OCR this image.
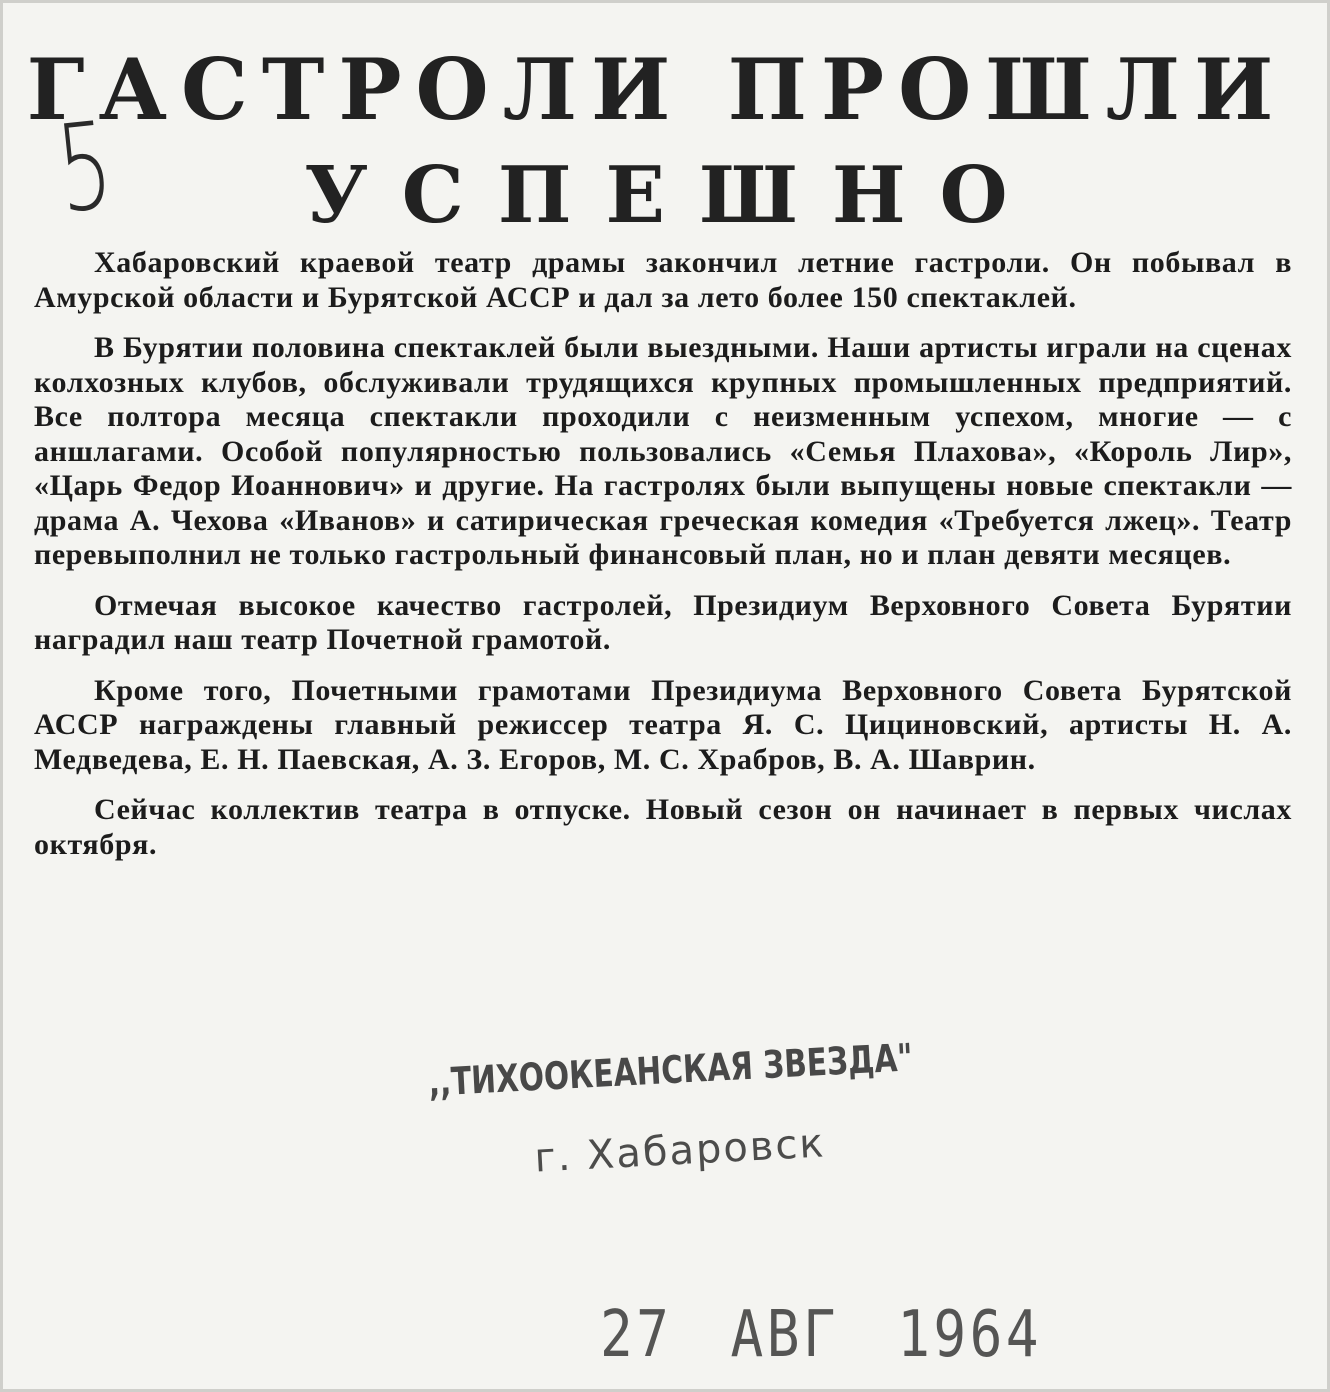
5
ГАСТРОЛИ ПРОШЛИ
УСПЕШНО

Хабаровский краевой театр драмы закончил летние гастроли. Он побывал в Амурской области и Бурятской АССР и дал за лето более 150 спектаклей.

В Бурятии половина спектаклей были выездными. Наши артисты играли на сценах колхозных клубов, обслуживали трудящихся крупных промышленных предприятий. Все полтора месяца спектакли проходили с неизменным успехом, многие — с аншлагами. Особой популярностью пользовались «Семья Плахова», «Король Лир», «Царь Федор Иоаннович» и другие. На гастролях были выпущены новые спектакли — драма А. Чехова «Иванов» и сатирическая греческая комедия «Требуется лжец». Театр перевыполнил не только гастрольный финансовый план, но и план девяти месяцев.

Отмечая высокое качество гастролей, Президиум Верховного Совета Бурятии наградил наш театр Почетной грамотой.

Кроме того, Почетными грамотами Президиума Верховного Совета Бурятской АССР награждены главный режиссер театра Я. С. Цициновский, артисты Н. А. Медведева, Е. Н. Паевская, А. З. Егоров, М. С. Храбров, В. А. Шаврин.

Сейчас коллектив театра в отпуске. Новый сезон он начинает в первых числах октября.

,,ТИХООКЕАНСКАЯ ЗВЕЗДА"
г. Хабаровск
27 АВГ 1964
